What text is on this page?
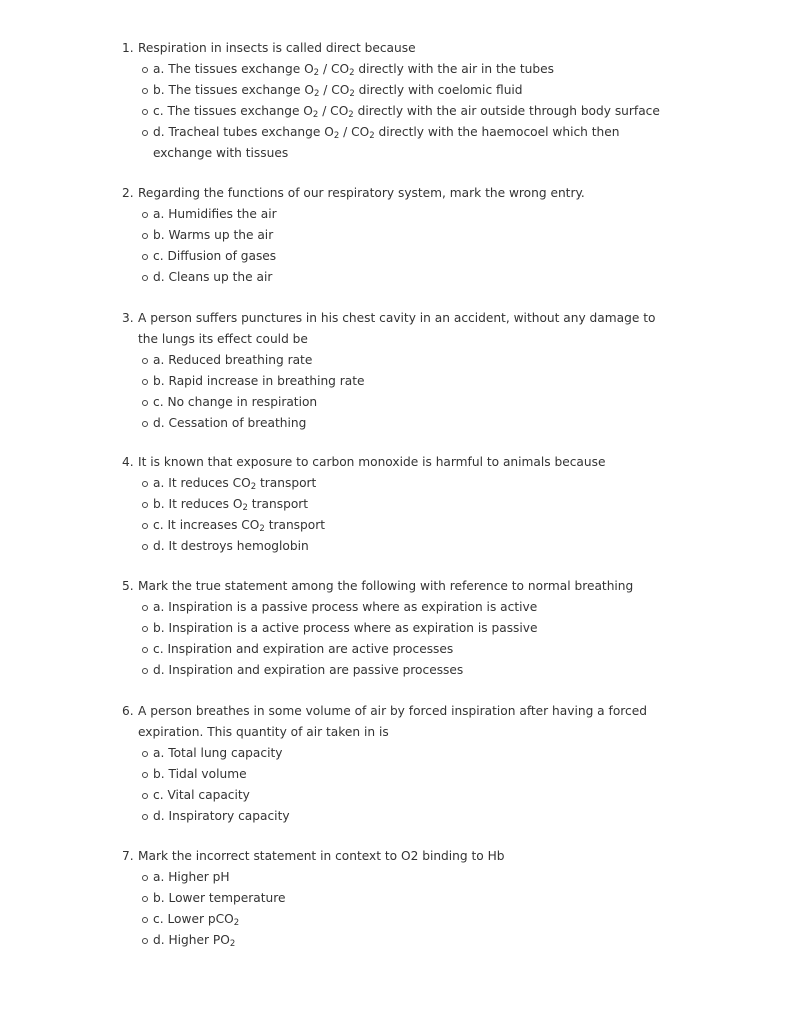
1. Respiration in insects is called direct because
a. The tissues exchange $O_2 / CO_2$ directly with the air in the tubes
b. The tissues exchange $O_2 / CO_2$ directly with coelomic fluid
c. The tissues exchange $O_2 / CO_2$ directly with the air outside through body surface
d. Tracheal tubes exchange $O_2 / CO_2$ directly with the haemocoel which then exchange with tissues
2. Regarding the functions of our respiratory system, mark the wrong entry.
a. Humidifies the air
b. Warms up the air
c. Diffusion of gases
d. Cleans up the air
3. A person suffers punctures in his chest cavity in an accident, without any damage to the lungs its effect could be
a. Reduced breathing rate
b. Rapid increase in breathing rate
c. No change in respiration
d. Cessation of breathing
4. It is known that exposure to carbon monoxide is harmful to animals because
a. It reduces $CO_2$ transport
b. It reduces $O_2$ transport
c. It increases $CO_2$ transport
d. It destroys hemoglobin
5. Mark the true statement among the following with reference to normal breathing
a. Inspiration is a passive process where as expiration is active
b. Inspiration is a active process where as expiration is passive
c. Inspiration and expiration are active processes
d. Inspiration and expiration are passive processes
6. A person breathes in some volume of air by forced inspiration after having a forced expiration. This quantity of air taken in is
a. Total lung capacity
b. Tidal volume
c. Vital capacity
d. Inspiratory capacity
7. Mark the incorrect statement in context to O2 binding to Hb
a. Higher pH
b. Lower temperature
c. Lower pCO$_2$
d. Higher $PO_2$
